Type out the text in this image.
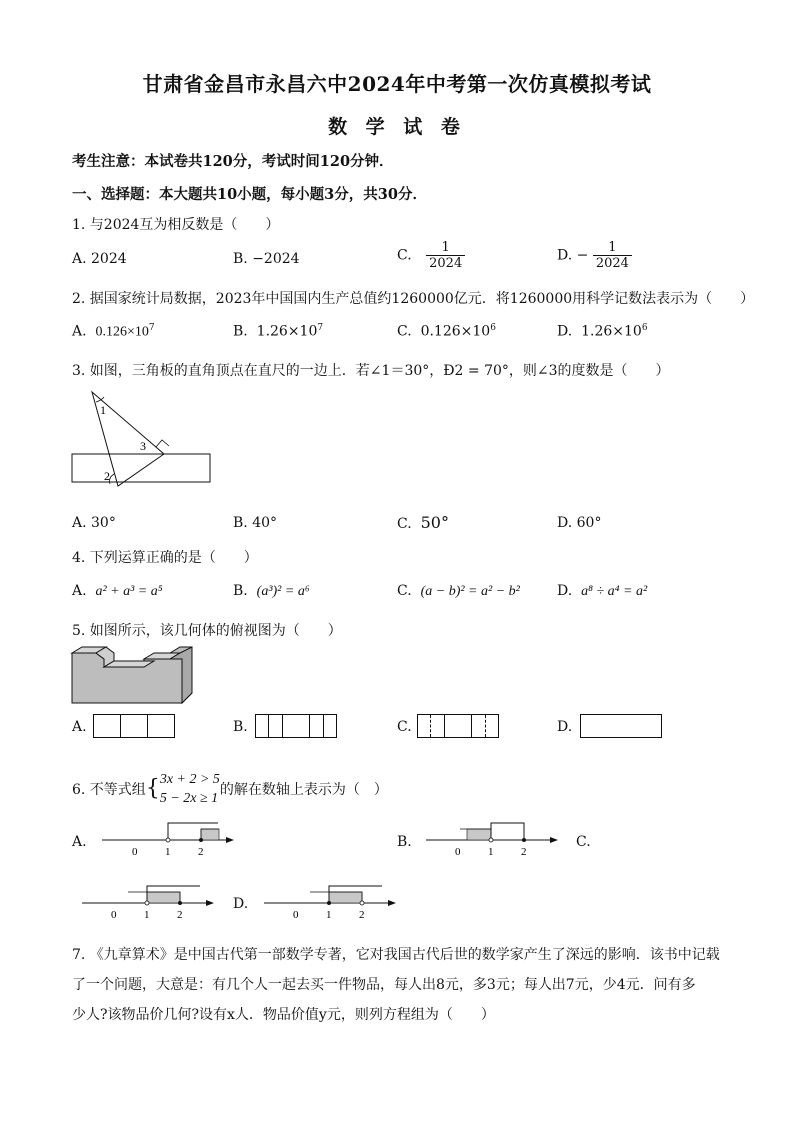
甘肃省金昌市永昌六中2024年中考第一次仿真模拟考试
数 学 试 卷
考生注意：本试卷共120分，考试时间120分钟．
一、选择题：本大题共10小题，每小题3分，共30分．
1. 与2024互为相反数是（　　）
A. 2024	B. −2024	C. $\frac{1}{2024}$	D. − $\frac{1}{2024}$
2. 据国家统计局数据，2023年中国国内生产总值约1260000亿元．将1260000用科学记数法表示为（　　）
A. $0.126\times 10^7$	B. $1.26\times 10^7$	C. $0.126\times 10^6$	D. $1.26\times 10^6$
3. 如图，三角板的直角顶点在直尺的一边上．若∠1＝30°，Ð2 = 70°，则∠3的度数是（　　）
1
3
2
A. 30°	B. 40°	C. 50°	D. 60°
4. 下列运算正确的是（　　）
A. a² + a³ = a⁵	B. (a³)² = a⁶	C. (a − b)² = a² − b²	D. a⁸ ÷ a⁴ = a²
5. 如图所示，该几何体的俯视图为（　　）
A.	B.	C.	D.
6. 不等式组{ 3x + 2 > 5
5 − 2x ≥ 1
的解在数轴上表示为（　）
A.
0	1	2
B.
0	1	2
C.
0	1	2
D.
0	1	2
7. 《九章算术》是中国古代第一部数学专著，它对我国古代后世的数学家产生了深远的影响．该书中记载
了一个问题，大意是：有几个人一起去买一件物品，每人出8元，多3元；每人出7元，少4元．问有多
少人?该物品价几何?设有x人．物品价值y元，则列方程组为（　　）
